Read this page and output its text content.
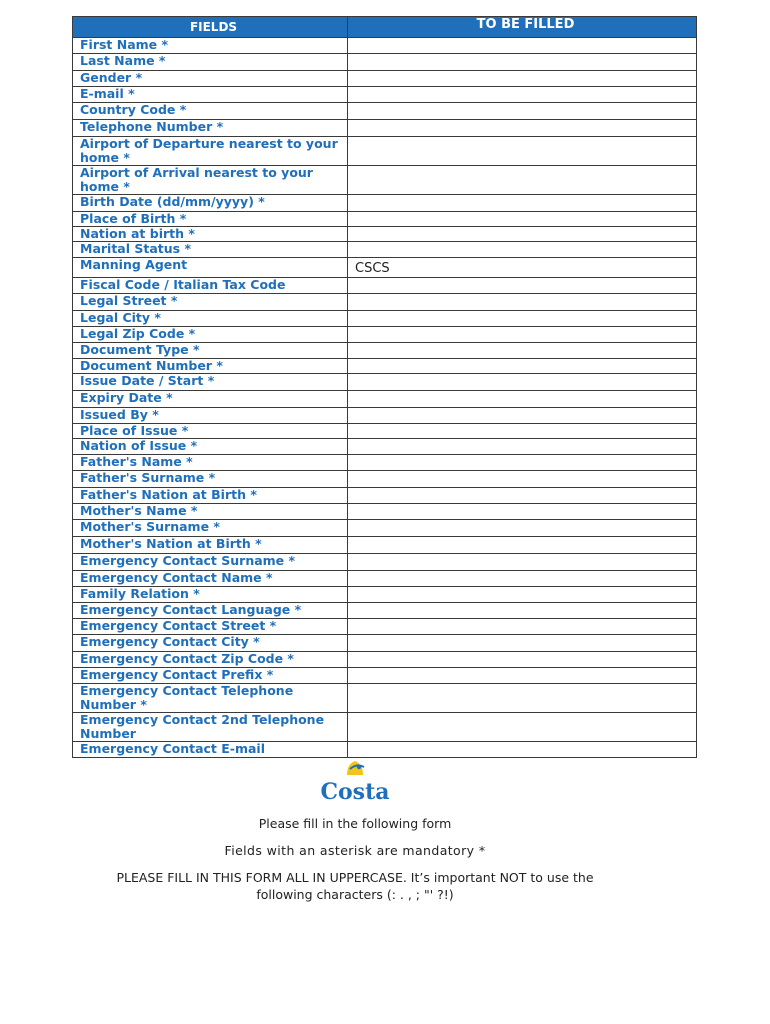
FIELDS	TO BE FILLED
First Name *	
Last Name *	
Gender *	
E-mail *	
Country Code *	
Telephone Number *	
Airport of Departure nearest to your home *	
Airport of Arrival nearest to your home *	
Birth Date (dd/mm/yyyy) *	
Place of Birth *	
Nation at birth *	
Marital Status *	
Manning Agent	CSCS
Fiscal Code / Italian Tax Code	
Legal Street *	
Legal City *	
Legal Zip Code *	
Document Type *	
Document Number *	
Issue Date / Start *	
Expiry Date *	
Issued By *	
Place of Issue *	
Nation of Issue *	
Father's Name *	
Father's Surname *	
Father's Nation at Birth *	
Mother's Name *	
Mother's Surname *	
Mother's Nation at Birth *	
Emergency Contact Surname *	
Emergency Contact Name *	
Family Relation *	
Emergency Contact Language *	
Emergency Contact Street *	
Emergency Contact City *	
Emergency Contact Zip Code *	
Emergency Contact Prefix *	
Emergency Contact Telephone Number *	
Emergency Contact 2nd Telephone Number	
Emergency Contact E-mail	
Costa
Please fill in the following form
Fields with an asterisk are mandatory *
PLEASE FILL IN THIS FORM ALL IN UPPERCASE. It’s important NOT to use the following characters (: . , ; "' ?!)
